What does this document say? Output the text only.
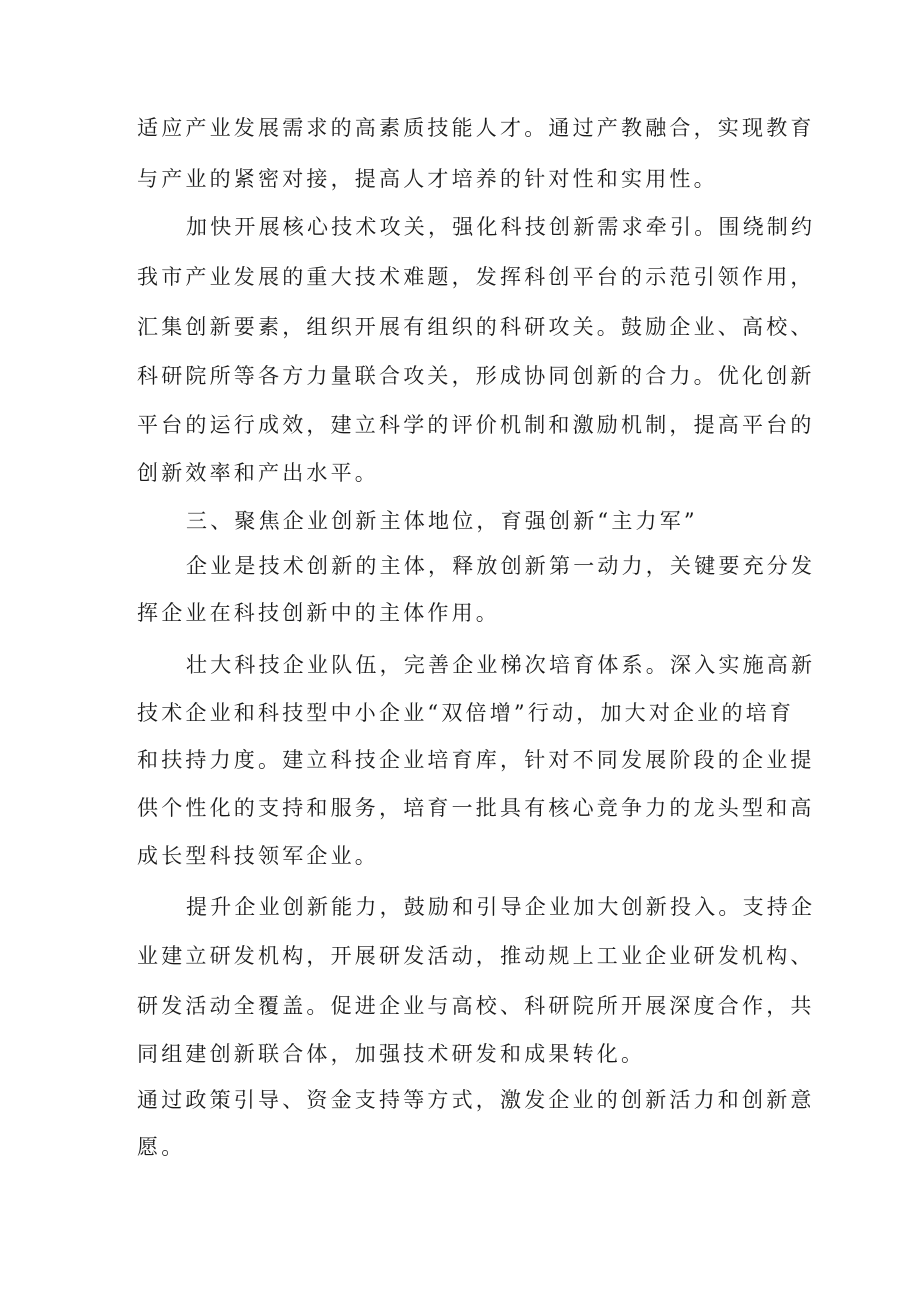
适应产业发展需求的高素质技能人才。通过产教融合，实现教育
与产业的紧密对接，提高人才培养的针对性和实用性。
加快开展核心技术攻关，强化科技创新需求牵引。围绕制约
我市产业发展的重大技术难题，发挥科创平台的示范引领作用，
汇集创新要素，组织开展有组织的科研攻关。鼓励企业、高校、
科研院所等各方力量联合攻关，形成协同创新的合力。优化创新
平台的运行成效，建立科学的评价机制和激励机制，提高平台的
创新效率和产出水平。
三、聚焦企业创新主体地位，育强创新“主力军”
企业是技术创新的主体，释放创新第一动力，关键要充分发
挥企业在科技创新中的主体作用。
壮大科技企业队伍，完善企业梯次培育体系。深入实施高新
技术企业和科技型中小企业“双倍增”行动，加大对企业的培育
和扶持力度。建立科技企业培育库，针对不同发展阶段的企业提
供个性化的支持和服务，培育一批具有核心竞争力的龙头型和高
成长型科技领军企业。
提升企业创新能力，鼓励和引导企业加大创新投入。支持企
业建立研发机构，开展研发活动，推动规上工业企业研发机构、
研发活动全覆盖。促进企业与高校、科研院所开展深度合作，共
同组建创新联合体，加强技术研发和成果转化。
通过政策引导、资金支持等方式，激发企业的创新活力和创新意
愿。
